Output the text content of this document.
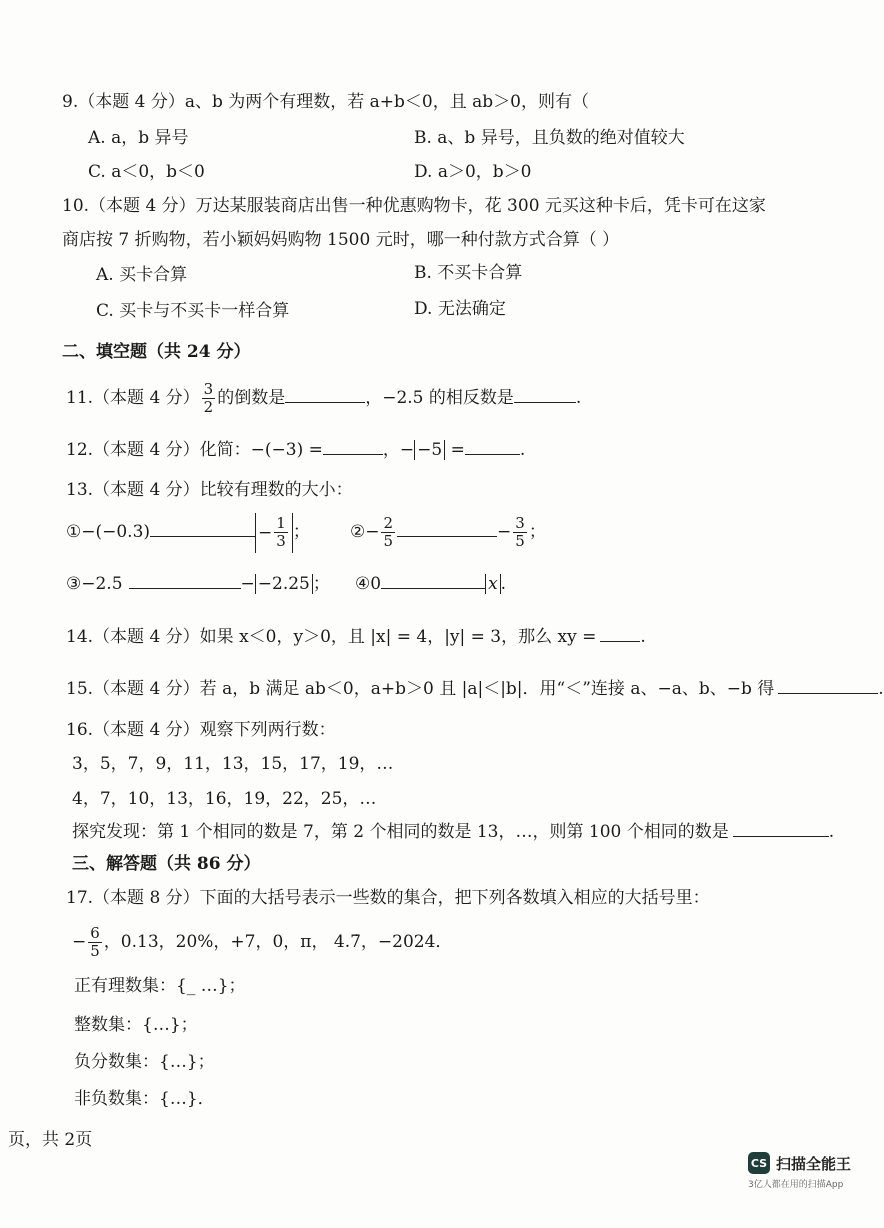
9.（本题 4 分）a、b 为两个有理数，若 a+b＜0，且 ab＞0，则有（
A. a，b 异号	B. a、b 异号，且负数的绝对值较大
C. a＜0，b＜0	D. a＞0，b＞0
10.（本题 4 分）万达某服装商店出售一种优惠购物卡，花 300 元买这种卡后，凭卡可在这家
商店按 7 折购物，若小颖妈妈购物 1500 元时，哪一种付款方式合算（ ）
A. 买卡合算	B. 不买卡合算
C. 买卡与不买卡一样合算	D. 无法确定
二、填空题（共 24 分）
11.（本题 4 分） $\frac{3}{2}$ 的倒数是	，−2.5 的相反数是	.
12.（本题 4 分）化简：−(−3) =	，− −5 =	.
13.（本题 4 分）比较有理数的大小：
①−(−0.3)	− $\frac{1}{3}$ ； ②− $\frac{2}{5}$	− $\frac{3}{5}$ ；
③−2.5	− −2.25 ； ④0	x .
14.（本题 4 分）如果 x＜0，y＞0，且 |x| = 4，|y| = 3，那么 xy =	.
15.（本题 4 分）若 a，b 满足 ab＜0，a+b＞0 且 |a|＜|b|．用“＜”连接 a、−a、b、−b 得	.
16.（本题 4 分）观察下列两行数：
3，5，7，9，11，13，15，17，19，…
4，7，10，13，16，19，22，25，…
探究发现：第 1 个相同的数是 7，第 2 个相同的数是 13，…，则第 100 个相同的数是	.
三、解答题（共 86 分）
17.（本题 8 分）下面的大括号表示一些数的集合，把下列各数填入相应的大括号里：
− $\frac{6}{5}$ ，0.13，20%，+7，0，π， 4.7̇，−2024．
正有理数集：{_ …}；
整数集：{…}；
负分数集：{…}；
非负数集：{…}．
页，共 2页
CS 扫描全能王
3亿人都在用的扫描App
